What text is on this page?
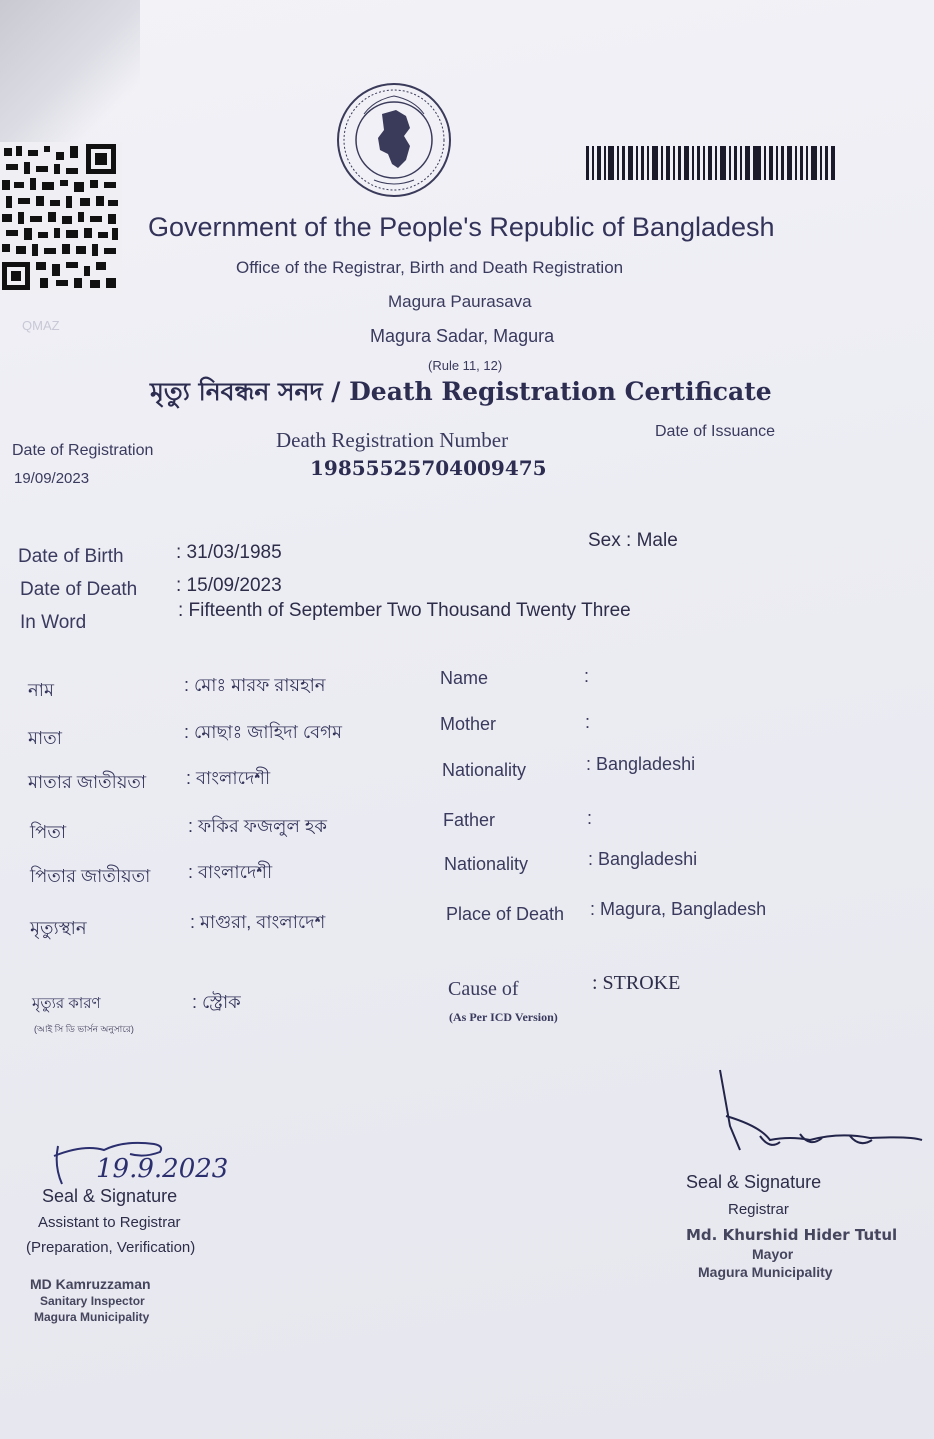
QMAZ
Government of the People's Republic of Bangladesh
Office of the Registrar, Birth and Death Registration
Magura Paurasava
Magura Sadar, Magura
(Rule 11, 12)
মৃত্যু নিবন্ধন সনদ / Death Registration Certificate
Date of Registration
19/09/2023
Death Registration Number
19855525704009475
Date of Issuance
Date of Birth	: 31/03/1985
Date of Death : 15/09/2023
In Word
: Fifteenth of September Two Thousand Twenty Three
Sex : Male
নাম	: মোঃ মারফ রায়হান	Name	:
মাতা	: মোছাঃ জাহিদা বেগম	Mother	:
মাতার জাতীয়তা : বাংলাদেশী	Nationality	: Bangladeshi
পিতা	: ফকির ফজলুল হক	Father	:
পিতার জাতীয়তা : বাংলাদেশী	Nationality	: Bangladeshi
মৃত্যুস্থান	: মাগুরা, বাংলাদেশ	Place of Death : Magura, Bangladesh
মৃত্যুর কারণ
(আই সি ডি ভার্সন অনুসারে)
: স্ট্রোক
Cause of
(As Per ICD Version)
: STROKE
19.9.2023
Seal & Signature
Assistant to Registrar
(Preparation, Verification)
MD Kamruzzaman
Sanitary Inspector
Magura Municipality
Seal & Signature
Registrar
Md. Khurshid Hider Tutul
Mayor
Magura Municipality
